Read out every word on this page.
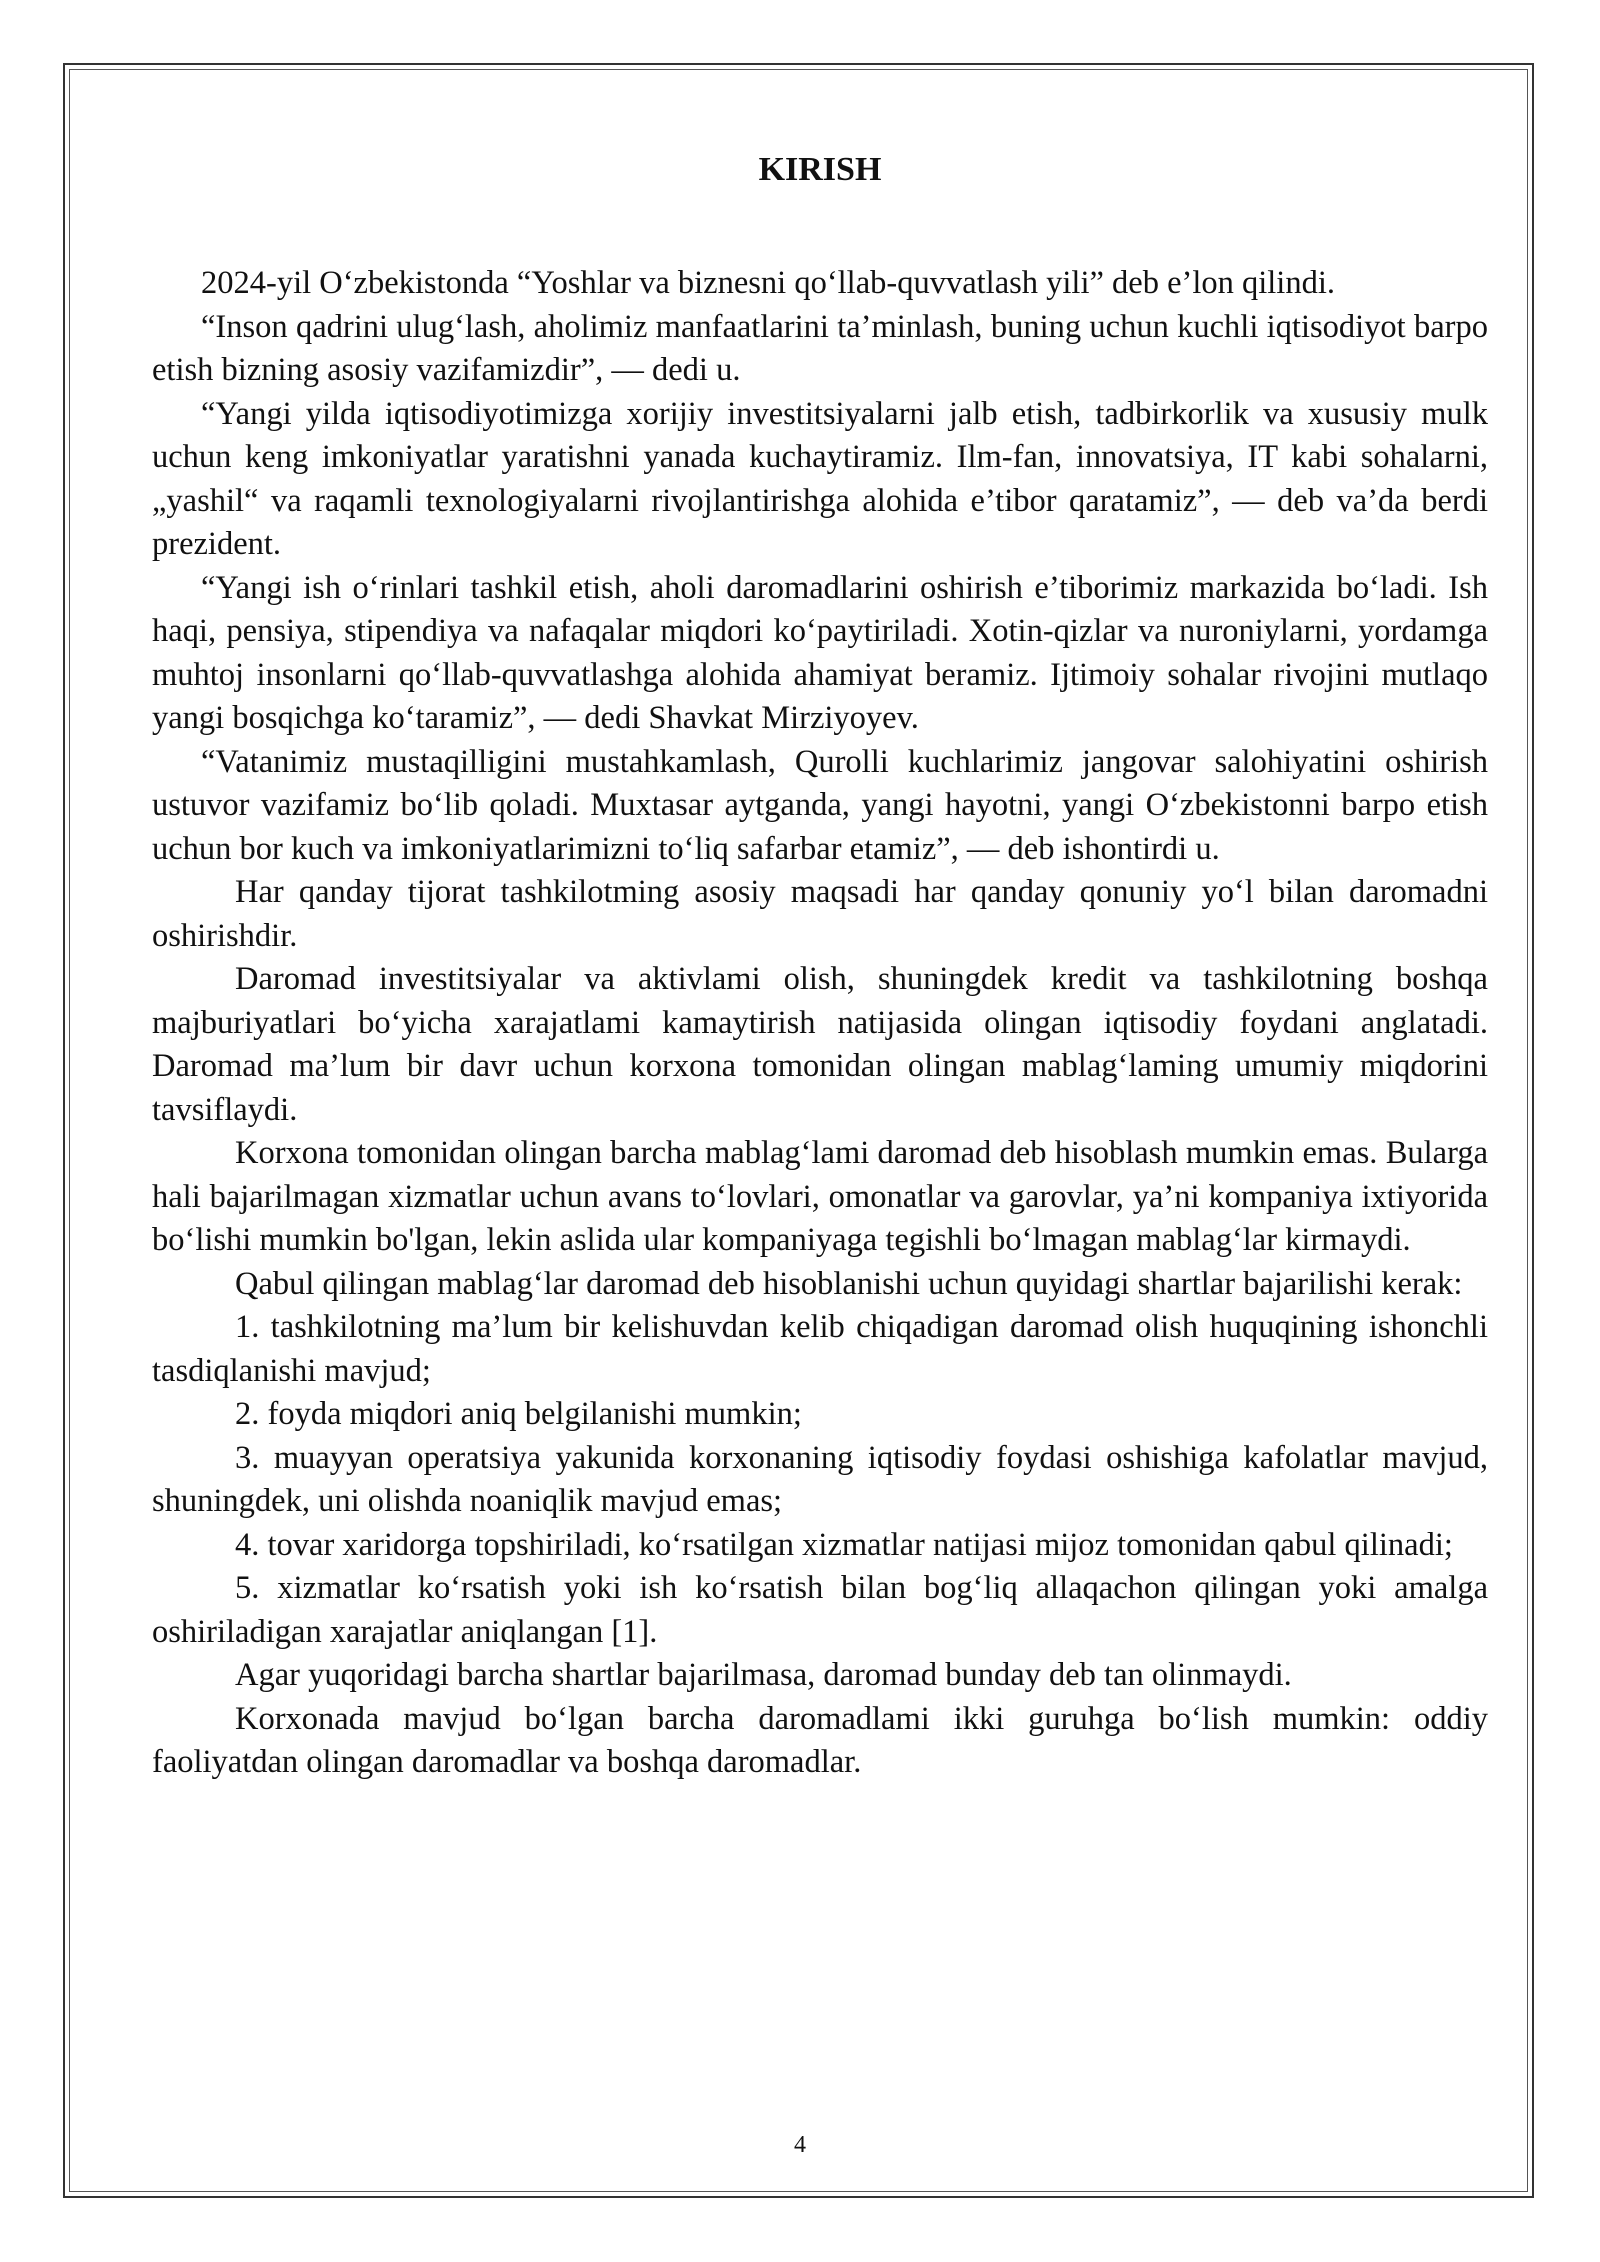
KIRISH

2024-yil Oʻzbekistonda “Yoshlar va biznesni qoʻllab-quvvatlash yili” deb e’lon qilindi.

“Inson qadrini ulugʻlash, aholimiz manfaatlarini ta’minlash, buning uchun kuchli iqtisodiyot barpo etish bizning asosiy vazifamizdir”, — dedi u.

“Yangi yilda iqtisodiyotimizga xorijiy investitsiyalarni jalb etish, tadbirkorlik va xususiy mulk uchun keng imkoniyatlar yaratishni yanada kuchaytiramiz. Ilm-fan, innovatsiya, IT kabi sohalarni, „yashil“ va raqamli texnologiyalarni rivojlantirishga alohida e’tibor qaratamiz”, — deb va’da berdi prezident.

“Yangi ish oʻrinlari tashkil etish, aholi daromadlarini oshirish e’tiborimiz markazida boʻladi. Ish haqi, pensiya, stipendiya va nafaqalar miqdori koʻpaytiriladi. Xotin-qizlar va nuroniylarni, yordamga muhtoj insonlarni qoʻllab-quvvatlashga alohida ahamiyat beramiz. Ijtimoiy sohalar rivojini mutlaqo yangi bosqichga koʻtaramiz”, — dedi Shavkat Mirziyoyev.

“Vatanimiz mustaqilligini mustahkamlash, Qurolli kuchlarimiz jangovar salohiyatini oshirish ustuvor vazifamiz boʻlib qoladi. Muxtasar aytganda, yangi hayotni, yangi Oʻzbekistonni barpo etish uchun bor kuch va imkoniyatlarimizni toʻliq safarbar etamiz”, — deb ishontirdi u.

Har qanday tijorat tashkilotming asosiy maqsadi har qanday qonuniy yoʻl bilan daromadni oshirishdir.

Daromad investitsiyalar va aktivlami olish, shuningdek kredit va tashkilotning boshqa majburiyatlari boʻyicha xarajatlami kamaytirish natijasida olingan iqtisodiy foydani anglatadi. Daromad ma’lum bir davr uchun korxona tomonidan olingan mablagʻlaming umumiy miqdorini tavsiflaydi.

Korxona tomonidan olingan barcha mablagʻlami daromad deb hisoblash mumkin emas. Bularga hali bajarilmagan xizmatlar uchun avans toʻlovlari, omonatlar va garovlar, ya’ni kompaniya ixtiyorida boʻlishi mumkin bo'lgan, lekin aslida ular kompaniyaga tegishli boʻlmagan mablagʻlar kirmaydi.

Qabul qilingan mablagʻlar daromad deb hisoblanishi uchun quyidagi shartlar bajarilishi kerak:

1. tashkilotning ma’lum bir kelishuvdan kelib chiqadigan daromad olish huquqining ishonchli tasdiqlanishi mavjud;

2. foyda miqdori aniq belgilanishi mumkin;

3. muayyan operatsiya yakunida korxonaning iqtisodiy foydasi oshishiga kafolatlar mavjud, shuningdek, uni olishda noaniqlik mavjud emas;

4. tovar xaridorga topshiriladi, koʻrsatilgan xizmatlar natijasi mijoz tomonidan qabul qilinadi;

5. xizmatlar koʻrsatish yoki ish koʻrsatish bilan bogʻliq allaqachon qilingan yoki amalga oshiriladigan xarajatlar aniqlangan [1].

Agar yuqoridagi barcha shartlar bajarilmasa, daromad bunday deb tan olinmaydi.

Korxonada mavjud boʻlgan barcha daromadlami ikki guruhga boʻlish mumkin: oddiy faoliyatdan olingan daromadlar va boshqa daromadlar.

4
